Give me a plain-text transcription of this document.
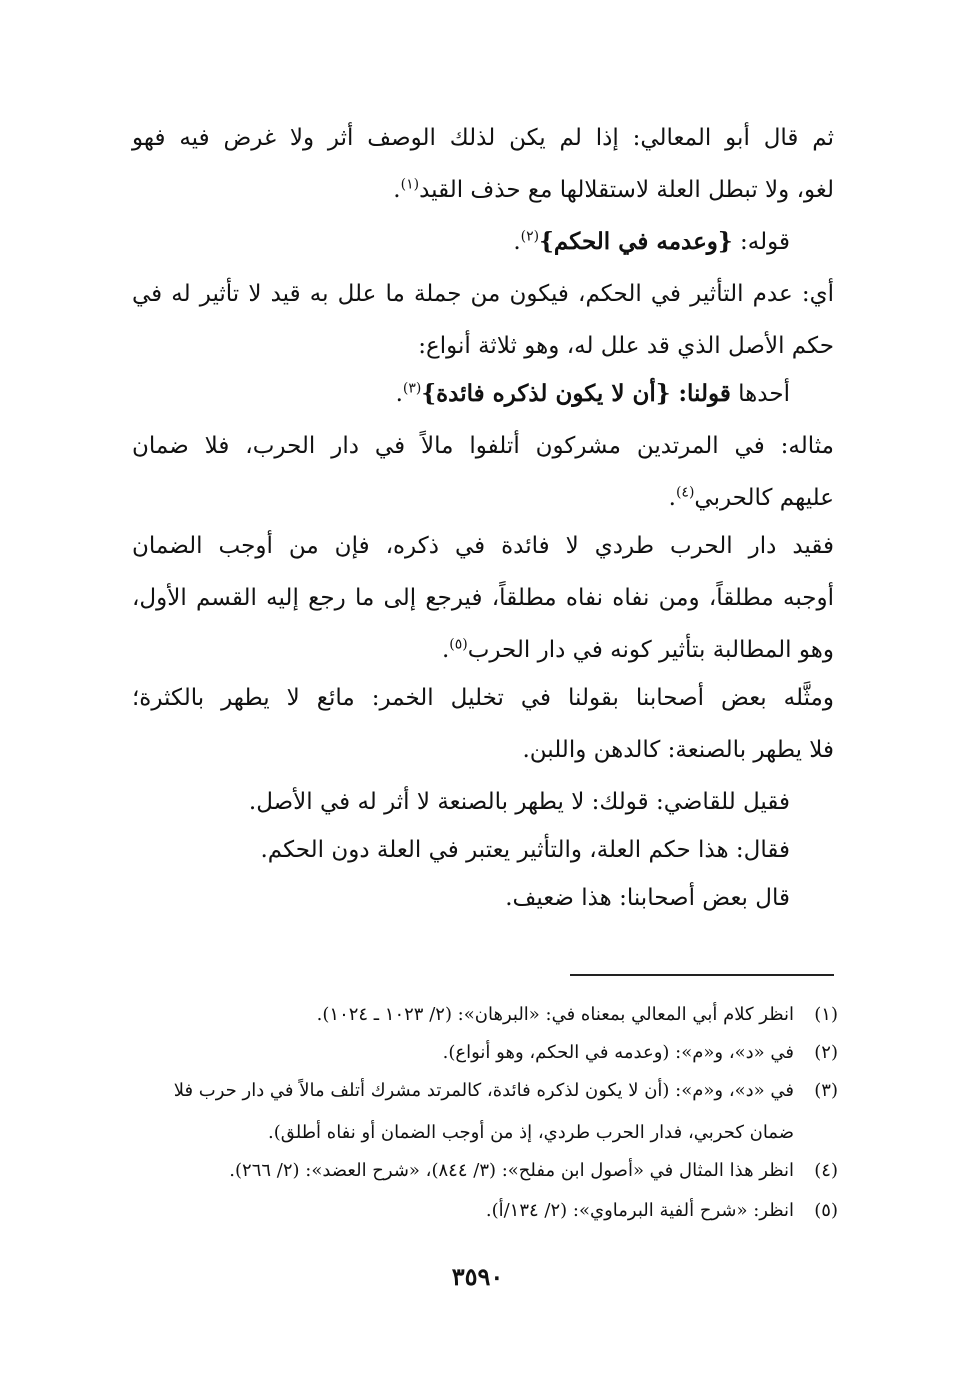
ثم قال أبو المعالي: إذا لم يكن لذلك الوصف أثر ولا غرض فيه فهو
لغو، ولا تبطل العلة لاستقلالها مع حذف القيد$^{(١)}$.
قوله: {وعدمه في الحكم}$^{(٢)}$.
أي: عدم التأثير في الحكم، فيكون من جملة ما علل به قيد لا تأثير له في
حكم الأصل الذي قد علل له، وهو ثلاثة أنواع:
أحدها قولنا: {أن لا يكون لذكره فائدة}$^{(٣)}$.
مثاله: في المرتدين مشركون أتلفوا مالاً في دار الحرب، فلا ضمان
عليهم كالحربي$^{(٤)}$.
فقيد دار الحرب طردي لا فائدة في ذكره، فإن من أوجب الضمان
أوجبه مطلقاً، ومن نفاه نفاه مطلقاً، فيرجع إلى ما رجع إليه القسم الأول،
وهو المطالبة بتأثير كونه في دار الحرب$^{(٥)}$.
ومثَّله بعض أصحابنا بقولنا في تخليل الخمر: مائع لا يطهر بالكثرة؛
فلا يطهر بالصنعة: كالدهن واللبن.
فقيل للقاضي: قولك: لا يطهر بالصنعة لا أثر له في الأصل.
فقال: هذا حكم العلة، والتأثير يعتبر في العلة دون الحكم.
قال بعض أصحابنا: هذا ضعيف.
(١)انظر كلام أبي المعالي بمعناه في: «البرهان»: (٢/ ١٠٢٣ ـ ١٠٢٤).
(٢)في «د»، و«م»: (وعدمه في الحكم، وهو أنواع).
(٣)في «د»، و«م»: (أن لا يكون لذكره فائدة، كالمرتد مشرك أتلف مالاً في دار حرب فلا
ضمان كحربي، فدار الحرب طردي، إذ من أوجب الضمان أو نفاه أطلق).
(٤)انظر هذا المثال في «أصول ابن مفلح»: (٣/ ٨٤٤)، «شرح العضد»: (٢/ ٢٦٦).
(٥)انظر: «شرح ألفية البرماوي»: (٢/ ١٣٤/أ).
٣٥٩٠
